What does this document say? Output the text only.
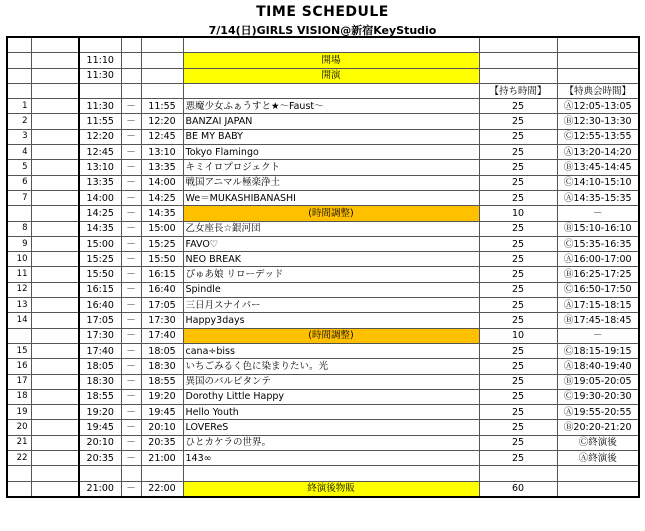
TIME SCHEDULE
7/14(日)GIRLS VISION@新宿KeyStudio

		11:10			開場		
		11:30			開演		
						【持ち時間】	【特典会時間】
1		11:30	－	11:55	悪魔少女ふぁうすと★～Faust～	25	Ⓐ12:05-13:05
2		11:55	－	12:20	BANZAI JAPAN	25	Ⓑ12:30-13:30
3		12:20	－	12:45	BE MY BABY	25	Ⓒ12:55-13:55
4		12:45	－	13:10	Tokyo Flamingo	25	Ⓐ13:20-14:20
5		13:10	－	13:35	キミイロプロジェクト	25	Ⓑ13:45-14:45
6		13:35	－	14:00	戦国アニマル極楽浄土	25	Ⓒ14:10-15:10
7		14:00	－	14:25	We＝MUKASHIBANASHI	25	Ⓐ14:35-15:35
		14:25	－	14:35	(時間調整)	10	－
8		14:35	－	15:00	乙女座長☆銀河団	25	Ⓑ15:10-16:10
9		15:00	－	15:25	FAVO♡	25	Ⓒ15:35-16:35
10		15:25	－	15:50	NEO BREAK	25	Ⓐ16:00-17:00
11		15:50	－	16:15	ぴゅあ娘 リローデッド	25	Ⓑ16:25-17:25
12		16:15	－	16:40	Spindle	25	Ⓒ16:50-17:50
13		16:40	－	17:05	三日月スナイパー	25	Ⓐ17:15-18:15
14		17:05	－	17:30	Happy3days	25	Ⓑ17:45-18:45
		17:30	－	17:40	(時間調整)	10	－
15		17:40	－	18:05	cana÷biss	25	Ⓒ18:15-19:15
16		18:05	－	18:30	いちごみるく色に染まりたい。光	25	Ⓐ18:40-19:40
17		18:30	－	18:55	異国のバルビタンテ	25	Ⓑ19:05-20:05
18		18:55	－	19:20	Dorothy Little Happy	25	Ⓒ19:30-20:30
19		19:20	－	19:45	Hello Youth	25	Ⓐ19:55-20:55
20		19:45	－	20:10	LOVEReS	25	Ⓑ20:20-21:20
21		20:10	－	20:35	ひとカケラの世界。	25	Ⓒ終演後
22		20:35	－	21:00	143∞	25	Ⓐ終演後

		21:00	－	22:00	終演後物販	60	
